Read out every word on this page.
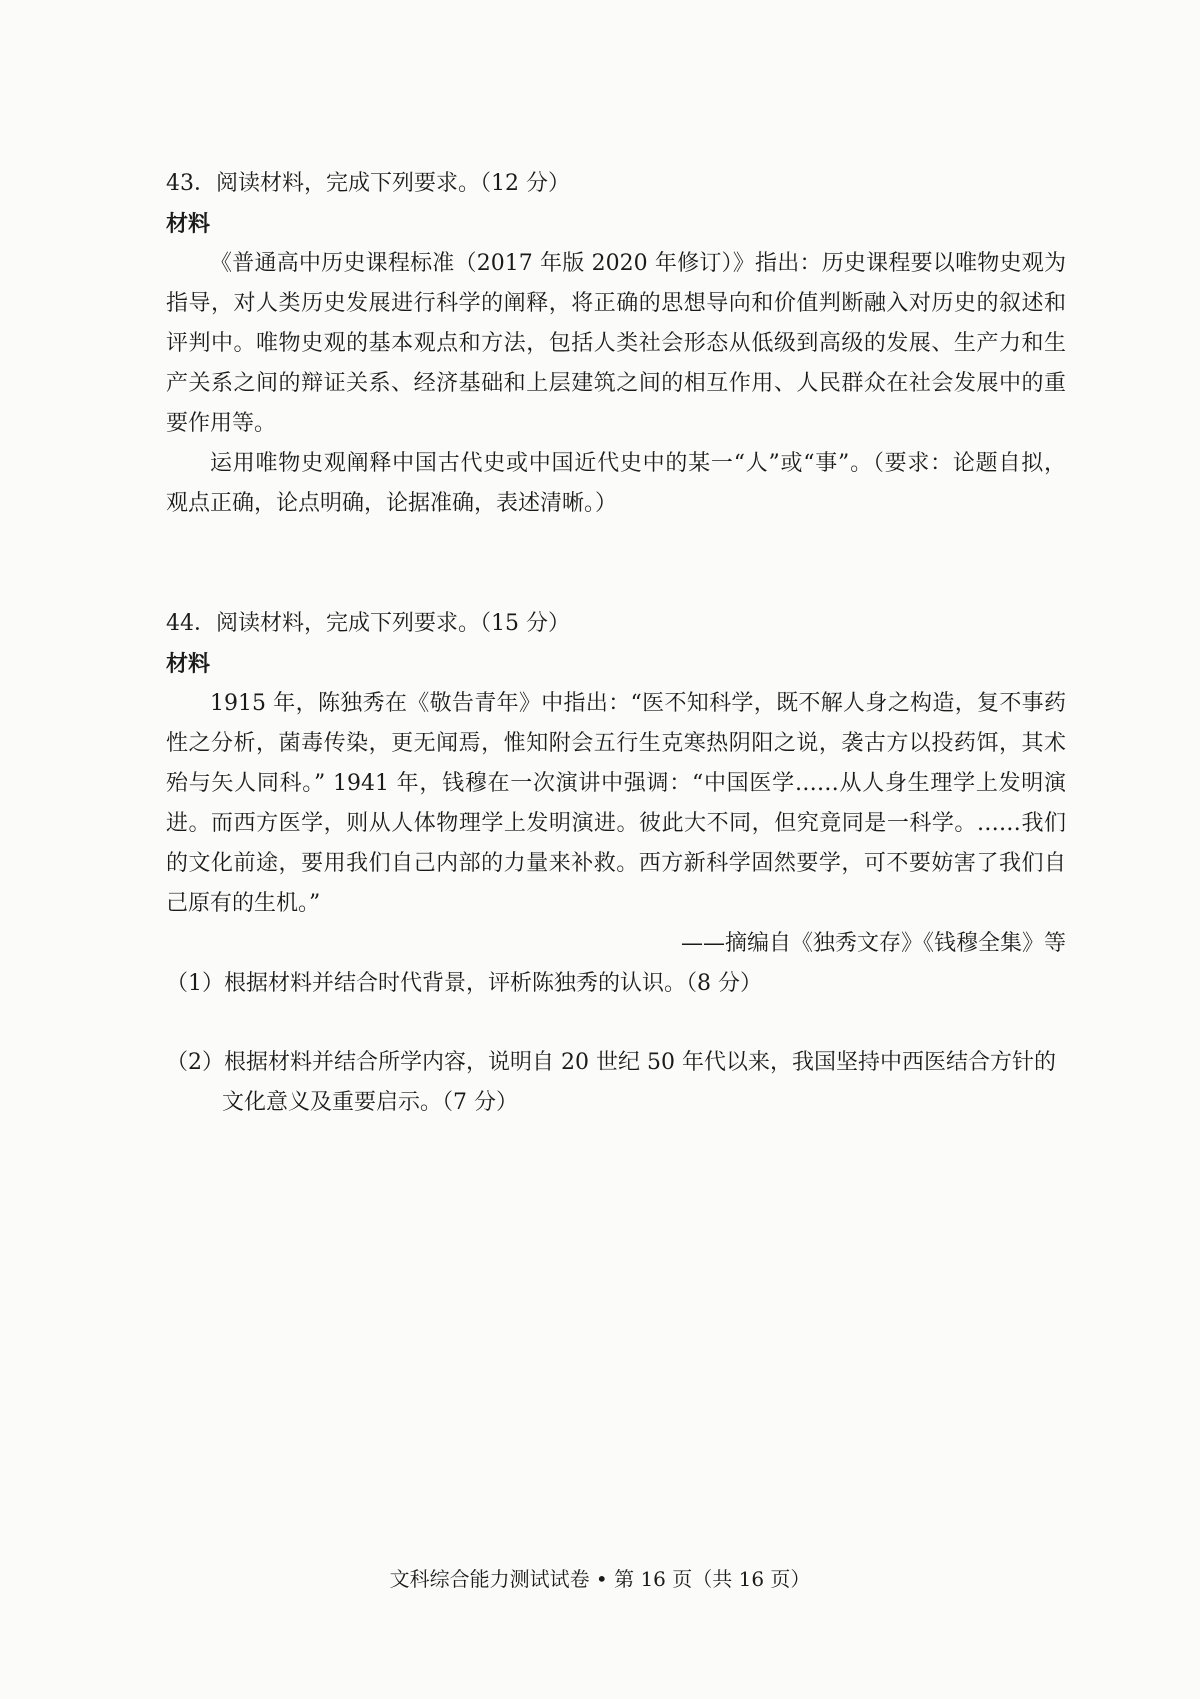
43．阅读材料，完成下列要求。（12 分）
材料
《普通高中历史课程标准（2017 年版 2020 年修订）》指出：历史课程要以唯物史观为
指导，对人类历史发展进行科学的阐释，将正确的思想导向和价值判断融入对历史的叙述和
评判中。唯物史观的基本观点和方法，包括人类社会形态从低级到高级的发展、生产力和生
产关系之间的辩证关系、经济基础和上层建筑之间的相互作用、人民群众在社会发展中的重
要作用等。
运用唯物史观阐释中国古代史或中国近代史中的某一“人”或“事”。（要求：论题自拟，
观点正确，论点明确，论据准确，表述清晰。）
44．阅读材料，完成下列要求。（15 分）
材料
1915 年，陈独秀在《敬告青年》中指出：“医不知科学，既不解人身之构造，复不事药
性之分析，菌毒传染，更无闻焉，惟知附会五行生克寒热阴阳之说，袭古方以投药饵，其术
殆与矢人同科。” 1941 年，钱穆在一次演讲中强调：“中国医学……从人身生理学上发明演
进。而西方医学，则从人体物理学上发明演进。彼此大不同，但究竟同是一科学。……我们
的文化前途，要用我们自己内部的力量来补救。西方新科学固然要学，可不要妨害了我们自
己原有的生机。”
——摘编自《独秀文存》《钱穆全集》等
（1）根据材料并结合时代背景，评析陈独秀的认识。（8 分）
（2）根据材料并结合所学内容，说明自 20 世纪 50 年代以来，我国坚持中西医结合方针的
文化意义及重要启示。（7 分）
文科综合能力测试试卷 • 第 16 页（共 16 页）
